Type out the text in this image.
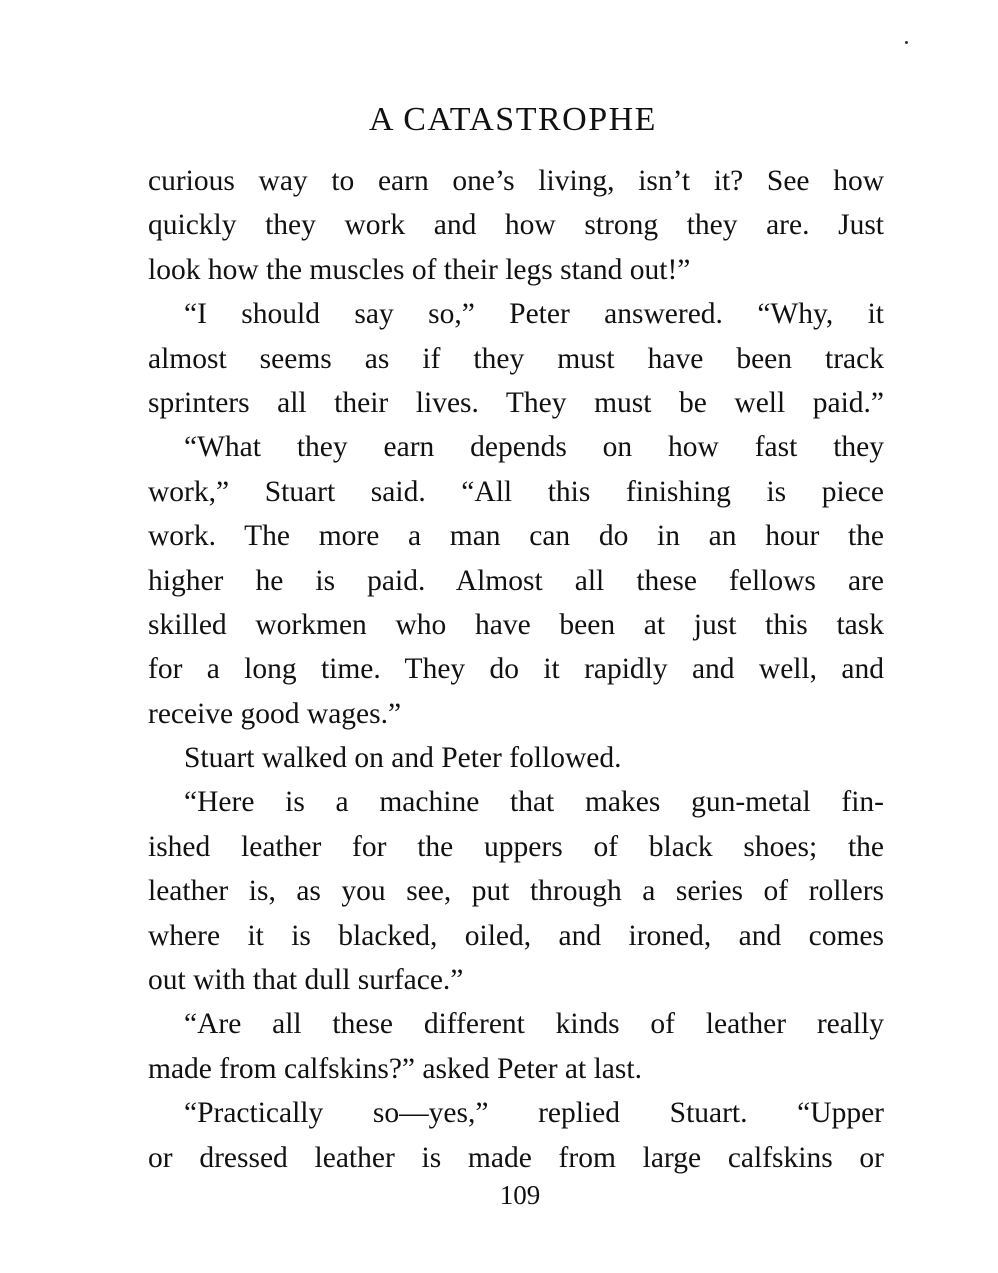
A CATASTROPHE
curious way to earn one’s living, isn’t it? See how
quickly they work and how strong they are. Just
look how the muscles of their legs stand out!”
“I should say so,” Peter answered. “Why, it
almost seems as if they must have been track
sprinters all their lives. They must be well paid.”
“What they earn depends on how fast they
work,” Stuart said. “All this finishing is piece
work. The more a man can do in an hour the
higher he is paid. Almost all these fellows are
skilled workmen who have been at just this task
for a long time. They do it rapidly and well, and
receive good wages.”
Stuart walked on and Peter followed.
“Here is a machine that makes gun-metal fin-
ished leather for the uppers of black shoes; the
leather is, as you see, put through a series of rollers
where it is blacked, oiled, and ironed, and comes
out with that dull surface.”
“Are all these different kinds of leather really
made from calfskins?” asked Peter at last.
“Practically so—yes,” replied Stuart. “Upper
or dressed leather is made from large calfskins or
109
